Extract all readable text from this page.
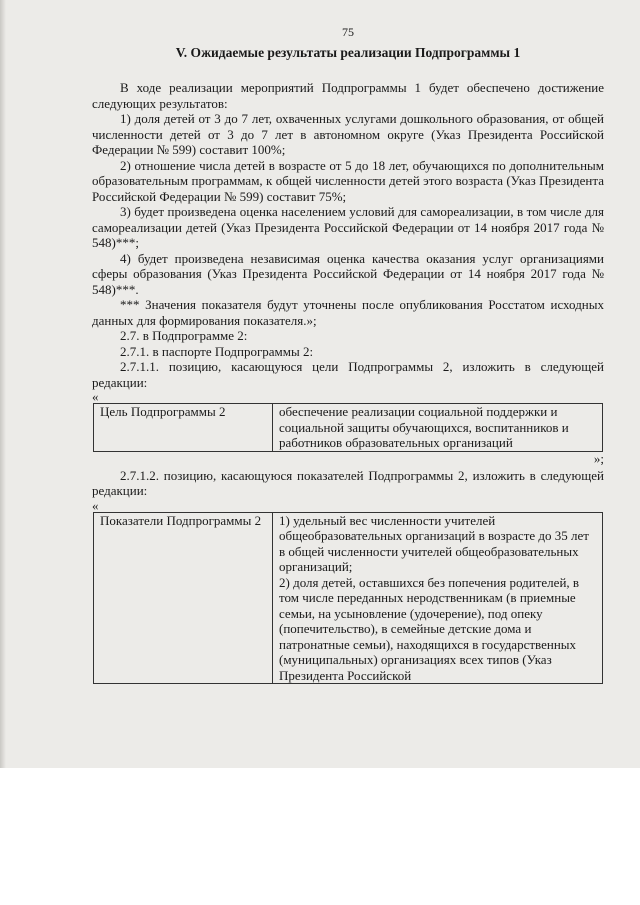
75
V. Ожидаемые результаты реализации Подпрограммы 1

В ходе реализации мероприятий Подпрограммы 1 будет обеспечено достижение следующих результатов:

1) доля детей от 3 до 7 лет, охваченных услугами дошкольного образования, от общей численности детей от 3 до 7 лет в автономном округе (Указ Президента Российской Федерации № 599) составит 100%;

2) отношение числа детей в возрасте от 5 до 18 лет, обучающихся по дополнительным образовательным программам, к общей численности детей этого возраста (Указ Президента Российской Федерации № 599) составит 75%;

3) будет произведена оценка населением условий для самореализации, в том числе для самореализации детей (Указ Президента Российской Федерации от 14 ноября 2017 года № 548)***;

4) будет произведена независимая оценка качества оказания услуг организациями сферы образования (Указ Президента Российской Федерации от 14 ноября 2017 года № 548)***.

*** Значения показателя будут уточнены после опубликования Росстатом исходных данных для формирования показателя.»;

2.7. в Подпрограмме 2:

2.7.1. в паспорте Подпрограммы 2:

2.7.1.1. позицию, касающуюся цели Подпрограммы 2, изложить в следующей редакции:

«
Цель Подпрограммы 2	обеспечение реализации социальной поддержки и социальной защиты обучающихся, воспитанников и работников образовательных организаций
»;

2.7.1.2. позицию, касающуюся показателей Подпрограммы 2, изложить в следующей редакции:

«
Показатели Подпрограммы 2	1) удельный вес численности учителей общеобразовательных организаций в возрасте до 35 лет в общей численности учителей общеобразовательных организаций;
2) доля детей, оставшихся без попечения родителей, в том числе переданных неродственникам (в приемные семьи, на усыновление (удочерение), под опеку (попечительство), в семейные детские дома и патронатные семьи), находящихся в государственных (муниципальных) организациях всех типов (Указ Президента Российской
